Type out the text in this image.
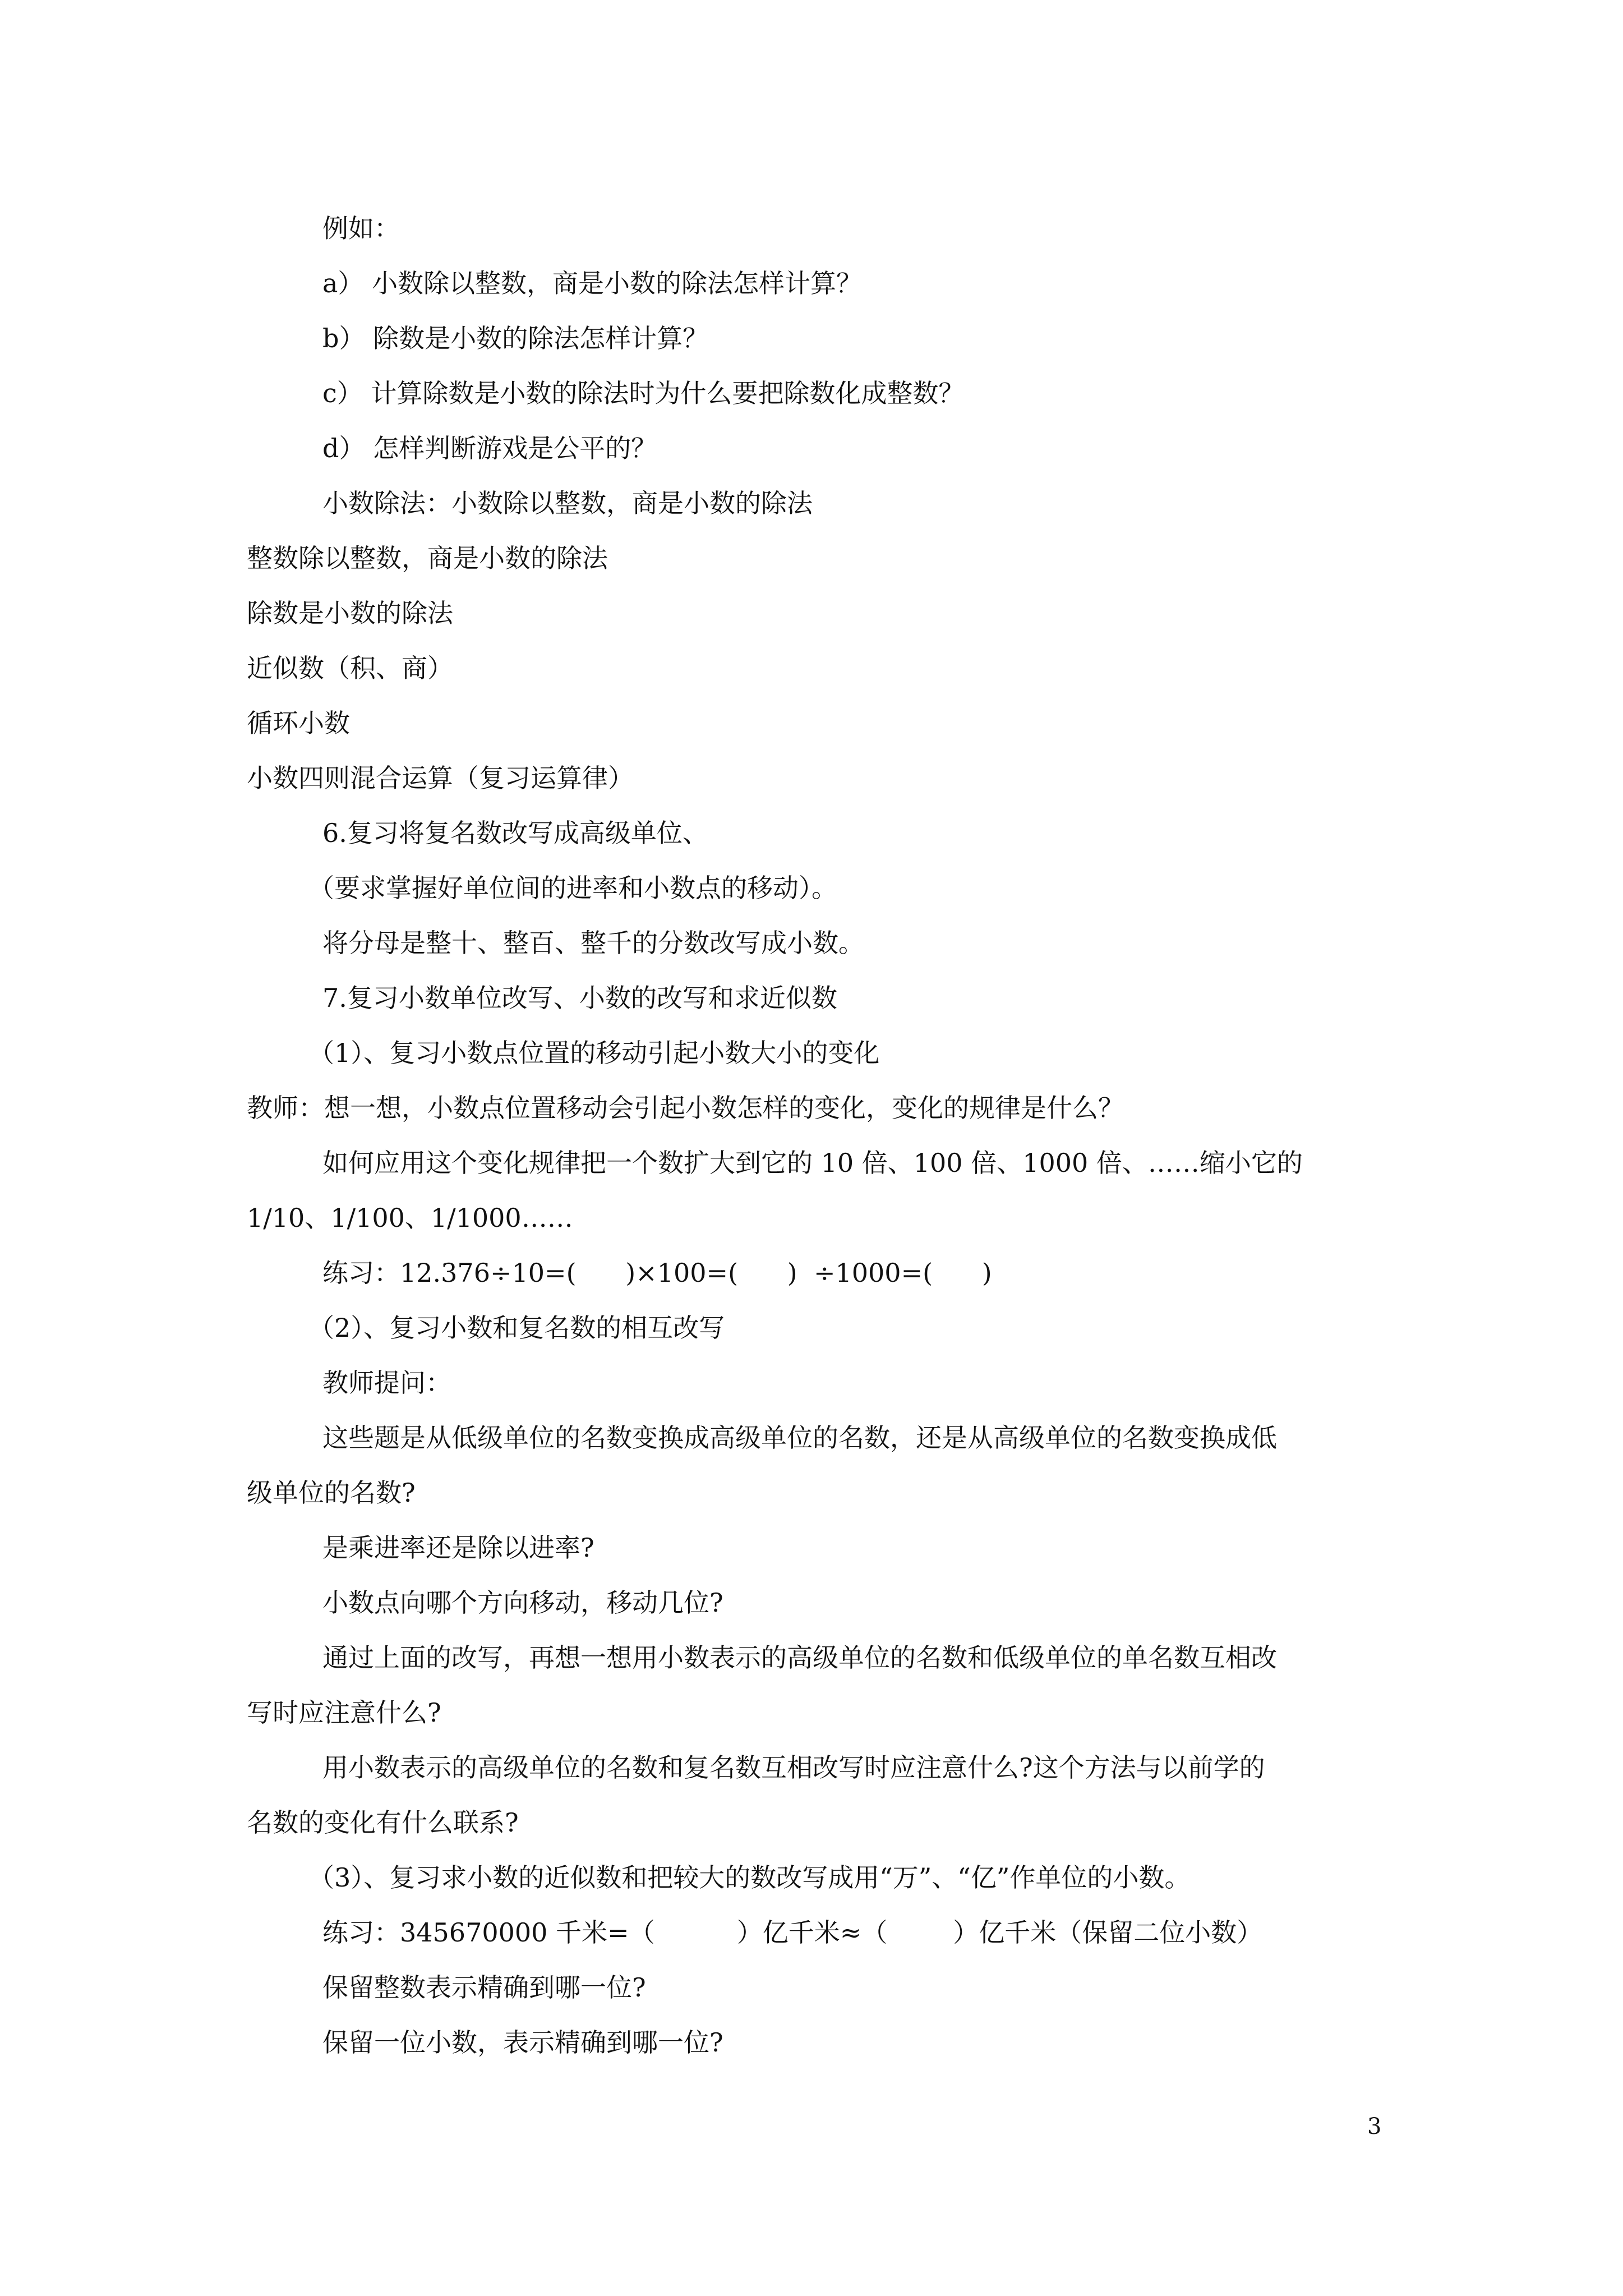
例如：

a） 小数除以整数，商是小数的除法怎样计算？

b） 除数是小数的除法怎样计算？

c） 计算除数是小数的除法时为什么要把除数化成整数？

d） 怎样判断游戏是公平的？

小数除法：小数除以整数，商是小数的除法

整数除以整数，商是小数的除法

除数是小数的除法

近似数（积、商）

循环小数

小数四则混合运算（复习运算律）

6.复习将复名数改写成高级单位、

（要求掌握好单位间的进率和小数点的移动）。

将分母是整十、整百、整千的分数改写成小数。

7.复习小数单位改写、小数的改写和求近似数

（1）、复习小数点位置的移动引起小数大小的变化

教师：想一想，小数点位置移动会引起小数怎样的变化，变化的规律是什么？

如何应用这个变化规律把一个数扩大到它的 10 倍、100 倍、1000 倍、……缩小它的

1/10、1/100、1/1000……

练习：12.376÷10=(      )×100=(      )  ÷1000=(      )

（2）、复习小数和复名数的相互改写

教师提问：

这些题是从低级单位的名数变换成高级单位的名数，还是从高级单位的名数变换成低

级单位的名数?

是乘进率还是除以进率?

小数点向哪个方向移动，移动几位?

通过上面的改写，再想一想用小数表示的高级单位的名数和低级单位的单名数互相改

写时应注意什么?

用小数表示的高级单位的名数和复名数互相改写时应注意什么?这个方法与以前学的

名数的变化有什么联系?

（3）、复习求小数的近似数和把较大的数改写成用“万”、“亿”作单位的小数。

练习：345670000 千米=（          ）亿千米≈（        ）亿千米（保留二位小数）

保留整数表示精确到哪一位?

保留一位小数，表示精确到哪一位?

3
